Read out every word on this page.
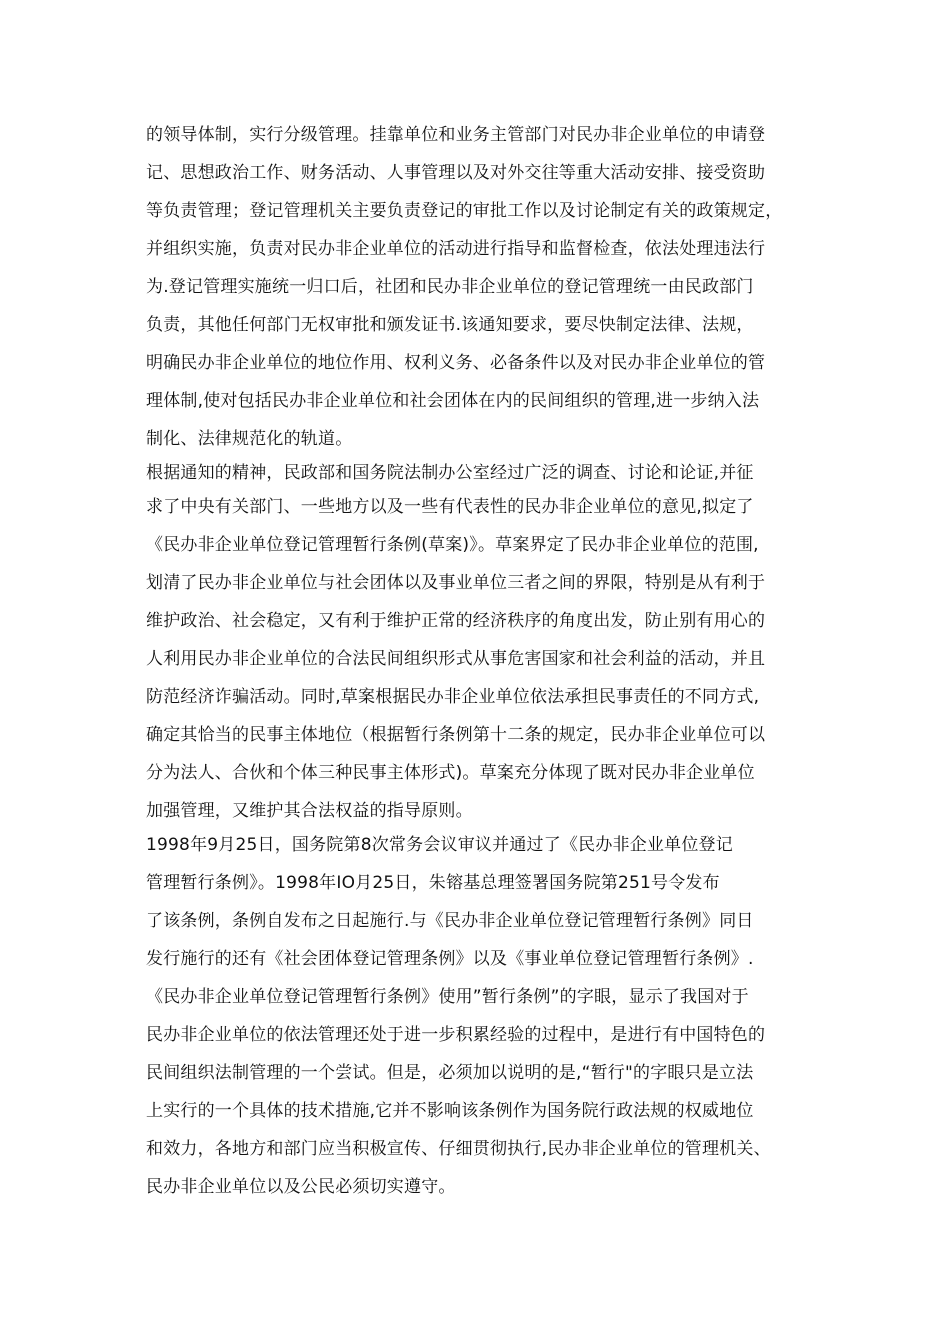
的领导体制，实行分级管理。挂靠单位和业务主管部门对民办非企业单位的申请登
记、思想政治工作、财务活动、人事管理以及对外交往等重大活动安排、接受资助
等负责管理；登记管理机关主要负责登记的审批工作以及讨论制定有关的政策规定，
并组织实施，负责对民办非企业单位的活动进行指导和监督检查，依法处理违法行
为.登记管理实施统一归口后，社团和民办非企业单位的登记管理统一由民政部门
负责，其他任何部门无权审批和颁发证书.该通知要求，要尽快制定法律、法规，
明确民办非企业单位的地位作用、权利义务、必备条件以及对民办非企业单位的管
理体制,使对包括民办非企业单位和社会团体在内的民间组织的管理,进一步纳入法
制化、法律规范化的轨道。
根据通知的精神，民政部和国务院法制办公室经过广泛的调查、讨论和论证,并征
求了中央有关部门、一些地方以及一些有代表性的民办非企业单位的意见,拟定了
《民办非企业单位登记管理暂行条例(草案)》。草案界定了民办非企业单位的范围,
划清了民办非企业单位与社会团体以及事业单位三者之间的界限，特别是从有利于
维护政治、社会稳定，又有利于维护正常的经济秩序的角度出发，防止别有用心的
人利用民办非企业单位的合法民间组织形式从事危害国家和社会利益的活动，并且
防范经济诈骗活动。同时,草案根据民办非企业单位依法承担民事责任的不同方式,
确定其恰当的民事主体地位（根据暂行条例第十二条的规定，民办非企业单位可以
分为法人、合伙和个体三种民事主体形式)。草案充分体现了既对民办非企业单位
加强管理，又维护其合法权益的指导原则。
1998年9月25日，国务院第8次常务会议审议并通过了《民办非企业单位登记
管理暂行条例》。1998年IO月25日，朱镕基总理签署国务院第251号令发布
了该条例，条例自发布之日起施行.与《民办非企业单位登记管理暂行条例》同日
发行施行的还有《社会团体登记管理条例》以及《事业单位登记管理暂行条例》.
《民办非企业单位登记管理暂行条例》使用”暂行条例”的字眼，显示了我国对于
民办非企业单位的依法管理还处于进一步积累经验的过程中，是进行有中国特色的
民间组织法制管理的一个尝试。但是，必须加以说明的是,“暂行"的字眼只是立法
上实行的一个具体的技术措施,它并不影响该条例作为国务院行政法规的权威地位
和效力，各地方和部门应当积极宣传、仔细贯彻执行,民办非企业单位的管理机关、
民办非企业单位以及公民必须切实遵守。
